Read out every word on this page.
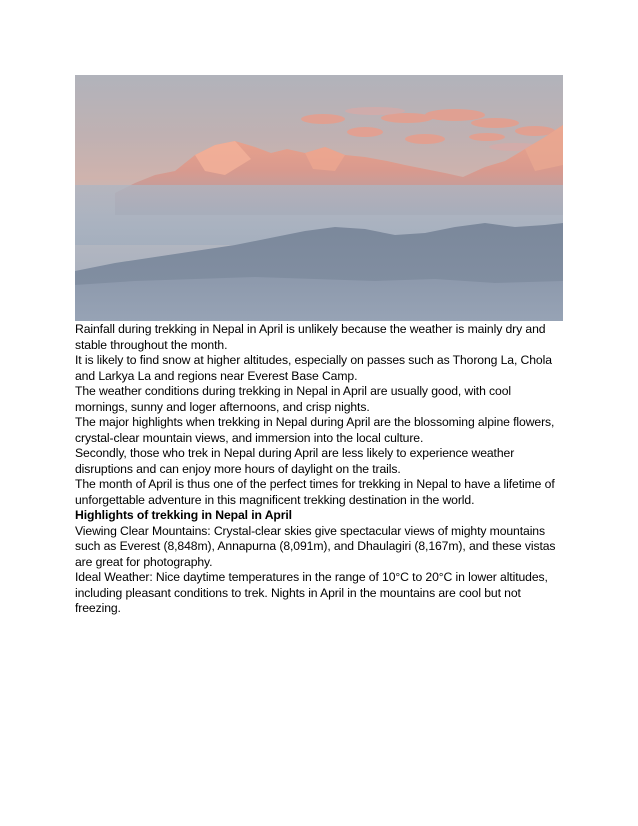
Rainfall during trekking in Nepal in April is unlikely because the weather is mainly dry and stable throughout the month.

It is likely to find snow at higher altitudes, especially on passes such as Thorong La, Chola and Larkya La and regions near Everest Base Camp.

The weather conditions during trekking in Nepal in April are usually good, with cool mornings, sunny and loger afternoons, and crisp nights.

The major highlights when trekking in Nepal during April are the blossoming alpine flowers, crystal-clear mountain views, and immersion into the local culture.

Secondly, those who trek in Nepal during April are less likely to experience weather disruptions and can enjoy more hours of daylight on the trails.

The month of April is thus one of the perfect times for trekking in Nepal to have a lifetime of unforgettable adventure in this magnificent trekking destination in the world.

Highlights of trekking in Nepal in April

Viewing Clear Mountains: Crystal-clear skies give spectacular views of mighty mountains such as Everest (8,848m), Annapurna (8,091m), and Dhaulagiri (8,167m), and these vistas are great for photography.

Ideal Weather: Nice daytime temperatures in the range of 10°C to 20°C in lower altitudes, including pleasant conditions to trek. Nights in April in the mountains are cool but not freezing.
